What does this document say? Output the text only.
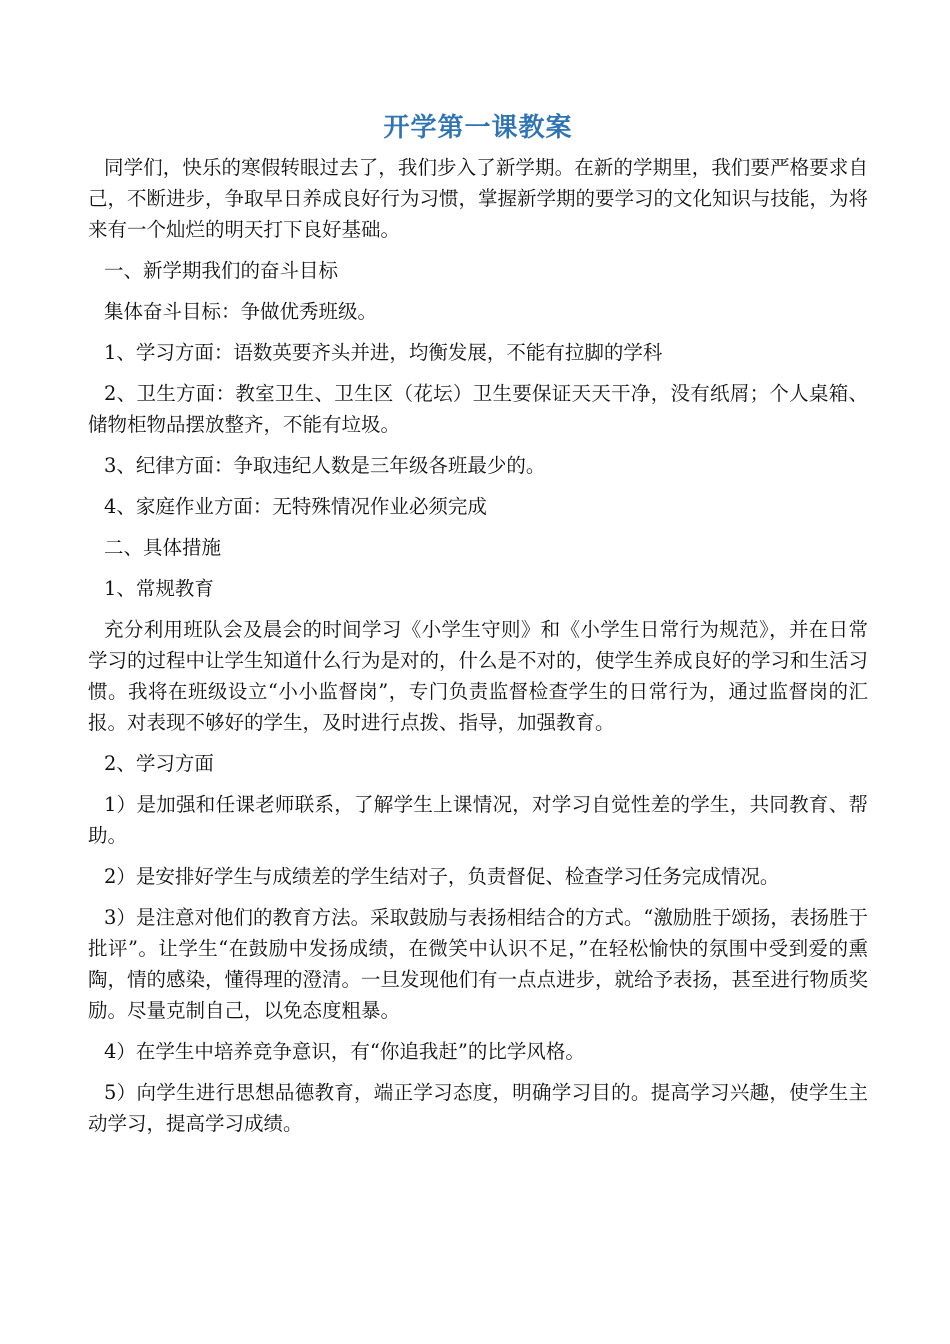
开学第一课教案

同学们，快乐的寒假转眼过去了，我们步入了新学期。在新的学期里，我们要严格要求自己，不断进步，争取早日养成良好行为习惯，掌握新学期的要学习的文化知识与技能，为将来有一个灿烂的明天打下良好基础。

一、新学期我们的奋斗目标

集体奋斗目标：争做优秀班级。

1、学习方面：语数英要齐头并进，均衡发展，不能有拉脚的学科

2、卫生方面：教室卫生、卫生区（花坛）卫生要保证天天干净，没有纸屑；个人桌箱、储物柜物品摆放整齐，不能有垃圾。

3、纪律方面：争取违纪人数是三年级各班最少的。

4、家庭作业方面：无特殊情况作业必须完成

二、具体措施

1、常规教育

充分利用班队会及晨会的时间学习《小学生守则》和《小学生日常行为规范》，并在日常学习的过程中让学生知道什么行为是对的，什么是不对的，使学生养成良好的学习和生活习惯。我将在班级设立“小小监督岗”，专门负责监督检查学生的日常行为，通过监督岗的汇报。对表现不够好的学生，及时进行点拨、指导，加强教育。

2、学习方面

1）是加强和任课老师联系，了解学生上课情况，对学习自觉性差的学生，共同教育、帮助。

2）是安排好学生与成绩差的学生结对子，负责督促、检查学习任务完成情况。

3）是注意对他们的教育方法。采取鼓励与表扬相结合的方式。“激励胜于颂扬，表扬胜于批评”。让学生“在鼓励中发扬成绩，在微笑中认识不足，”在轻松愉快的氛围中受到爱的熏陶，情的感染，懂得理的澄清。一旦发现他们有一点点进步，就给予表扬，甚至进行物质奖励。尽量克制自己，以免态度粗暴。

4）在学生中培养竞争意识，有“你追我赶”的比学风格。

5）向学生进行思想品德教育，端正学习态度，明确学习目的。提高学习兴趣，使学生主动学习，提高学习成绩。
